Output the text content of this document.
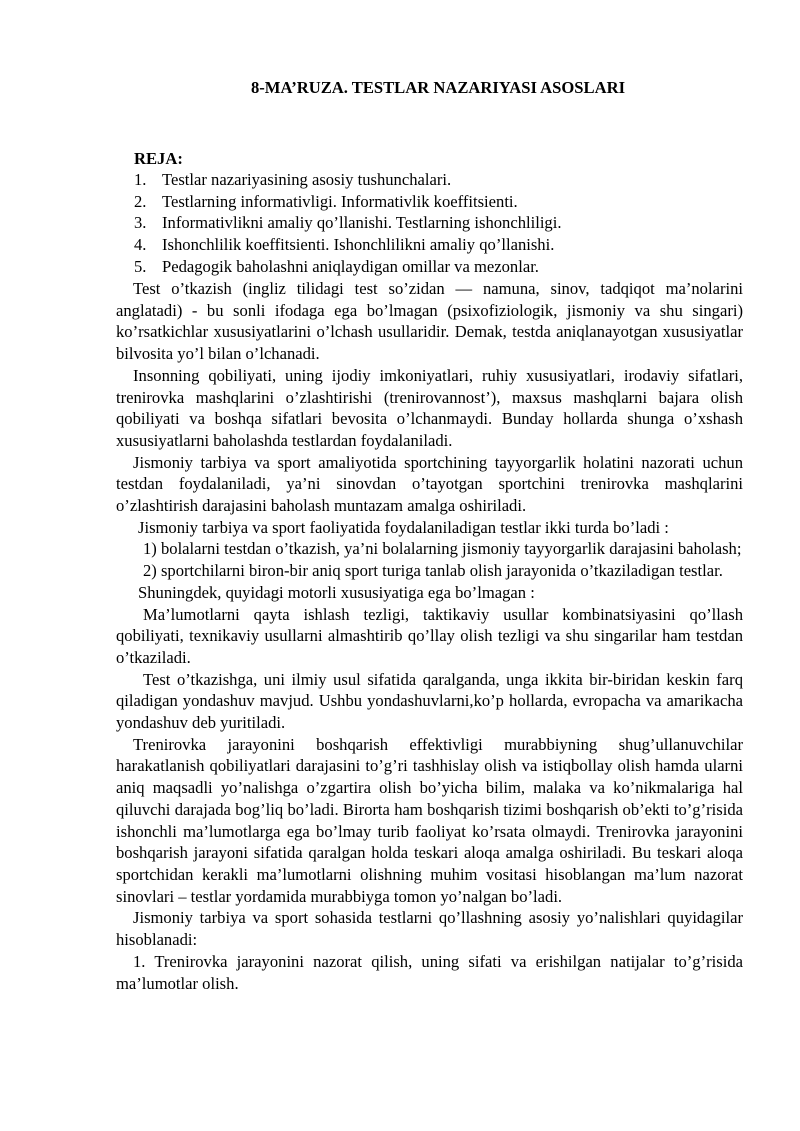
8-MA’RUZA. TESTLAR NAZARIYASI ASOSLARI
REJA:
1. Testlar nazariyasining asosiy tushunchalari.
2. Testlarning informativligi. Informativlik koeffitsienti.
3. Informativlikni amaliy qo’llanishi. Testlarning ishonchliligi.
4. Ishonchlilik koeffitsienti. Ishonchlilikni amaliy qo’llanishi.
5. Pedagogik baholashni aniqlaydigan omillar va mezonlar.

Test o’tkazish (ingliz tilidagi test so’zidan — namuna, sinov, tadqiqot ma’nolarini anglatadi) - bu sonli ifodaga ega bo’lmagan (psixofiziologik, jismoniy va shu singari) ko’rsatkichlar xususiyatlarini o’lchash usullaridir. Demak, testda aniqlanayotgan xususiyatlar bilvosita yo’l bilan o’lchanadi.

Insonning qobiliyati, uning ijodiy imkoniyatlari, ruhiy xususiyatlari, irodaviy sifatlari, trenirovka mashqlarini o’zlashtirishi (trenirovannost’), maxsus mashqlarni bajara olish qobiliyati va boshqa sifatlari bevosita o’lchanmaydi. Bunday hollarda shunga o’xshash xususiyatlarni baholashda testlardan foydalaniladi.

Jismoniy tarbiya va sport amaliyotida sportchining tayyorgarlik holatini nazorati uchun testdan foydalaniladi, ya’ni sinovdan o’tayotgan sportchini trenirovka mashqlarini o’zlashtirish darajasini baholash muntazam amalga oshiriladi.

Jismoniy tarbiya va sport faoliyatida foydalaniladigan testlar ikki turda bo’ladi :

1) bolalarni testdan o’tkazish, ya’ni bolalarning jismoniy tayyorgarlik darajasini baholash;

2) sportchilarni biron-bir aniq sport turiga tanlab olish jarayonida o’tkaziladigan testlar.

Shuningdek, quyidagi motorli xususiyatiga ega bo’lmagan :

Ma’lumotlarni qayta ishlash tezligi, taktikaviy usullar kombinatsiyasini qo’llash qobiliyati, texnikaviy usullarni almashtirib qo’llay olish tezligi va shu singarilar ham testdan o’tkaziladi.

Test o’tkazishga, uni ilmiy usul sifatida qaralganda, unga ikkita bir-biridan keskin farq qiladigan yondashuv mavjud. Ushbu yondashuvlarni,ko’p hollarda, evropacha va amarikacha yondashuv deb yuritiladi.

Trenirovka jarayonini boshqarish effektivligi murabbiyning shug’ullanuvchilar harakatlanish qobiliyatlari darajasini to’g’ri tashhislay olish va istiqbollay olish hamda ularni aniq maqsadli yo’nalishga o’zgartira olish bo’yicha bilim, malaka va ko’nikmalariga hal qiluvchi darajada bog’liq bo’ladi. Birorta ham boshqarish tizimi boshqarish ob’ekti to’g’risida ishonchli ma’lumotlarga ega bo’lmay turib faoliyat ko’rsata olmaydi. Trenirovka jarayonini boshqarish jarayoni sifatida qaralgan holda teskari aloqa amalga oshiriladi. Bu teskari aloqa sportchidan kerakli ma’lumotlarni olishning muhim vositasi hisoblangan ma’lum nazorat sinovlari – testlar yordamida murabbiyga tomon yo’nalgan bo’ladi.

Jismoniy tarbiya va sport sohasida testlarni qo’llashning asosiy yo’nalishlari quyidagilar hisoblanadi:

1. Trenirovka jarayonini nazorat qilish, uning sifati va erishilgan natijalar to’g’risida ma’lumotlar olish.
